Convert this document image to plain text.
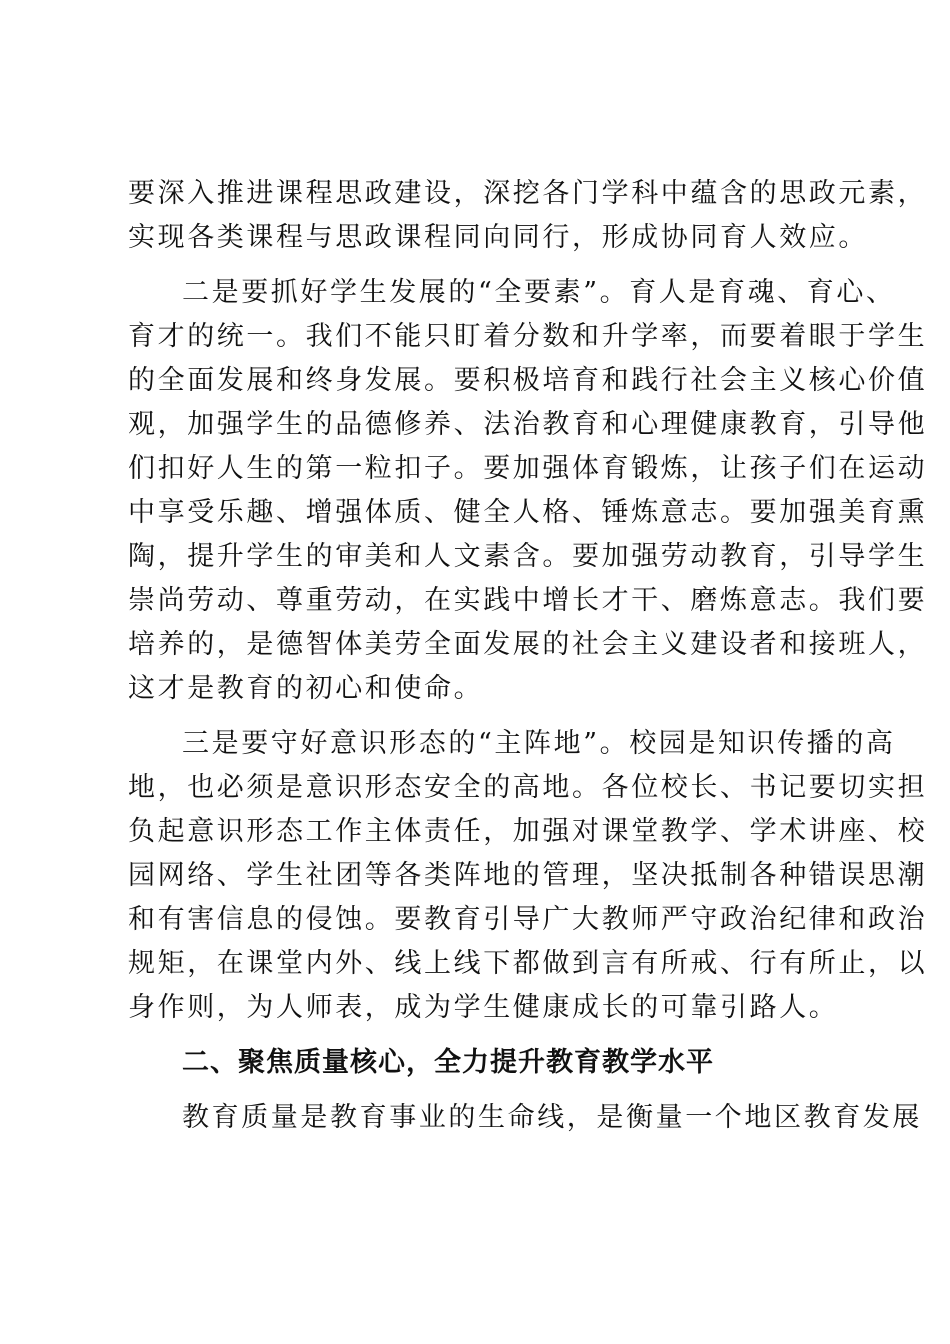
要深入推进课程思政建设，深挖各门学科中蕴含的思政元素，
实现各类课程与思政课程同向同行，形成协同育人效应。
二是要抓好学生发展的“全要素”。育人是育魂、育心、
育才的统一。我们不能只盯着分数和升学率，而要着眼于学生
的全面发展和终身发展。要积极培育和践行社会主义核心价值
观，加强学生的品德修养、法治教育和心理健康教育，引导他
们扣好人生的第一粒扣子。要加强体育锻炼，让孩子们在运动
中享受乐趣、增强体质、健全人格、锤炼意志。要加强美育熏
陶，提升学生的审美和人文素含。要加强劳动教育，引导学生
崇尚劳动、尊重劳动，在实践中增长才干、磨炼意志。我们要
培养的，是德智体美劳全面发展的社会主义建设者和接班人，
这才是教育的初心和使命。
三是要守好意识形态的“主阵地”。校园是知识传播的高
地，也必须是意识形态安全的高地。各位校长、书记要切实担
负起意识形态工作主体责任，加强对课堂教学、学术讲座、校
园网络、学生社团等各类阵地的管理，坚决抵制各种错误思潮
和有害信息的侵蚀。要教育引导广大教师严守政治纪律和政治
规矩，在课堂内外、线上线下都做到言有所戒、行有所止，以
身作则，为人师表，成为学生健康成长的可靠引路人。
二、聚焦质量核心，全力提升教育教学水平
教育质量是教育事业的生命线，是衡量一个地区教育发展
